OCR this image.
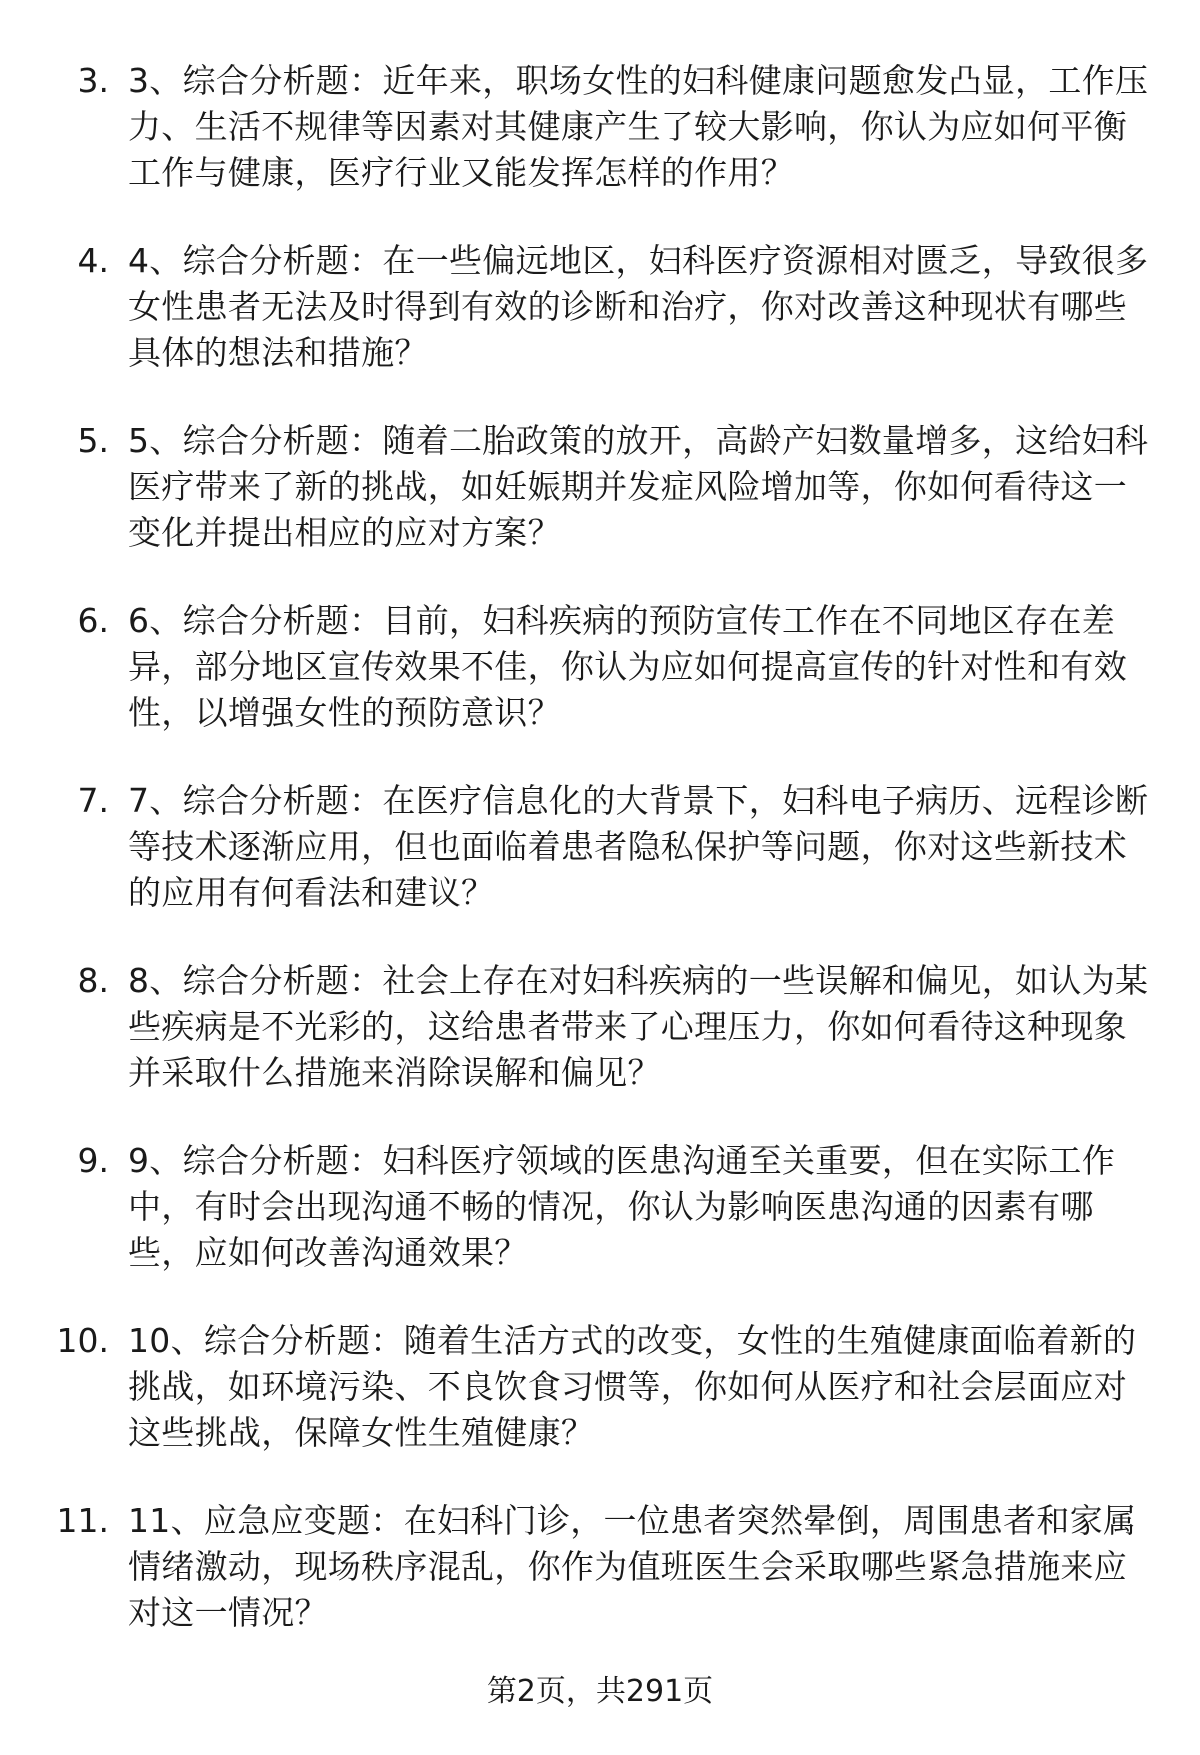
3. 3、综合分析题：近年来，职场女性的妇科健康问题愈发凸显，工作压力、生活不规律等因素对其健康产生了较大影响，你认为应如何平衡工作与健康，医疗行业又能发挥怎样的作用？
4. 4、综合分析题：在一些偏远地区，妇科医疗资源相对匮乏，导致很多女性患者无法及时得到有效的诊断和治疗，你对改善这种现状有哪些具体的想法和措施？
5. 5、综合分析题：随着二胎政策的放开，高龄产妇数量增多，这给妇科医疗带来了新的挑战，如妊娠期并发症风险增加等，你如何看待这一变化并提出相应的应对方案？
6. 6、综合分析题：目前，妇科疾病的预防宣传工作在不同地区存在差异，部分地区宣传效果不佳，你认为应如何提高宣传的针对性和有效性，以增强女性的预防意识？
7. 7、综合分析题：在医疗信息化的大背景下，妇科电子病历、远程诊断等技术逐渐应用，但也面临着患者隐私保护等问题，你对这些新技术的应用有何看法和建议？
8. 8、综合分析题：社会上存在对妇科疾病的一些误解和偏见，如认为某些疾病是不光彩的，这给患者带来了心理压力，你如何看待这种现象并采取什么措施来消除误解和偏见？
9. 9、综合分析题：妇科医疗领域的医患沟通至关重要，但在实际工作中，有时会出现沟通不畅的情况，你认为影响医患沟通的因素有哪些，应如何改善沟通效果？
10. 10、综合分析题：随着生活方式的改变，女性的生殖健康面临着新的挑战，如环境污染、不良饮食习惯等，你如何从医疗和社会层面应对这些挑战，保障女性生殖健康？
11. 11、应急应变题：在妇科门诊，一位患者突然晕倒，周围患者和家属情绪激动，现场秩序混乱，你作为值班医生会采取哪些紧急措施来应对这一情况？
第2页，共291页
